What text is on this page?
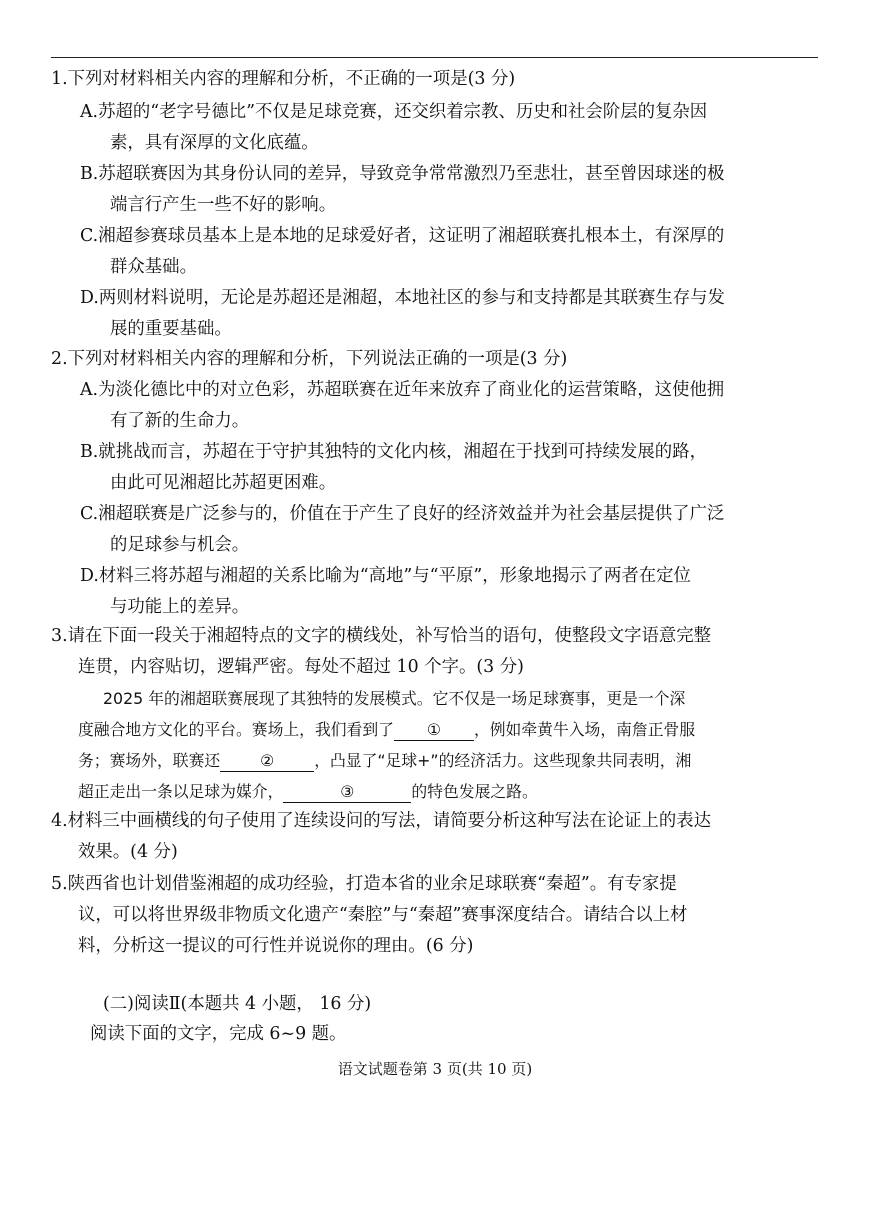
1.下列对材料相关内容的理解和分析，不正确的一项是(3 分)
A.苏超的“老字号德比”不仅是足球竞赛，还交织着宗教、历史和社会阶层的复杂因
素，具有深厚的文化底蕴。
B.苏超联赛因为其身份认同的差异，导致竞争常常激烈乃至悲壮，甚至曾因球迷的极
端言行产生一些不好的影响。
C.湘超参赛球员基本上是本地的足球爱好者，这证明了湘超联赛扎根本土，有深厚的
群众基础。
D.两则材料说明，无论是苏超还是湘超，本地社区的参与和支持都是其联赛生存与发
展的重要基础。
2.下列对材料相关内容的理解和分析，下列说法正确的一项是(3 分)
A.为淡化德比中的对立色彩，苏超联赛在近年来放弃了商业化的运营策略，这使他拥
有了新的生命力。
B.就挑战而言，苏超在于守护其独特的文化内核，湘超在于找到可持续发展的路，
由此可见湘超比苏超更困难。
C.湘超联赛是广泛参与的，价值在于产生了良好的经济效益并为社会基层提供了广泛
的足球参与机会。
D.材料三将苏超与湘超的关系比喻为“高地”与“平原”，形象地揭示了两者在定位
与功能上的差异。
3.请在下面一段关于湘超特点的文字的横线处，补写恰当的语句，使整段文字语意完整
连贯，内容贴切，逻辑严密。每处不超过 10 个字。(3 分)
2025 年的湘超联赛展现了其独特的发展模式。它不仅是一场足球赛事，更是一个深
度融合地方文化的平台。赛场上，我们看到了 ① ，例如牵黄牛入场，南詹正骨服
务；赛场外，联赛还	②	，凸显了“足球+”的经济活力。这些现象共同表明，湘
超正走出一条以足球为媒介，	③	的特色发展之路。
4.材料三中画横线的句子使用了连续设问的写法，请简要分析这种写法在论证上的表达
效果。(4 分)
5.陕西省也计划借鉴湘超的成功经验，打造本省的业余足球联赛“秦超”。有专家提
议，可以将世界级非物质文化遗产“秦腔”与“秦超”赛事深度结合。请结合以上材
料，分析这一提议的可行性并说说你的理由。(6 分)
(二)阅读Ⅱ(本题共 4 小题， 16 分)
阅读下面的文字，完成 6~9 题。
语文试题卷第 3 页(共 10 页)
